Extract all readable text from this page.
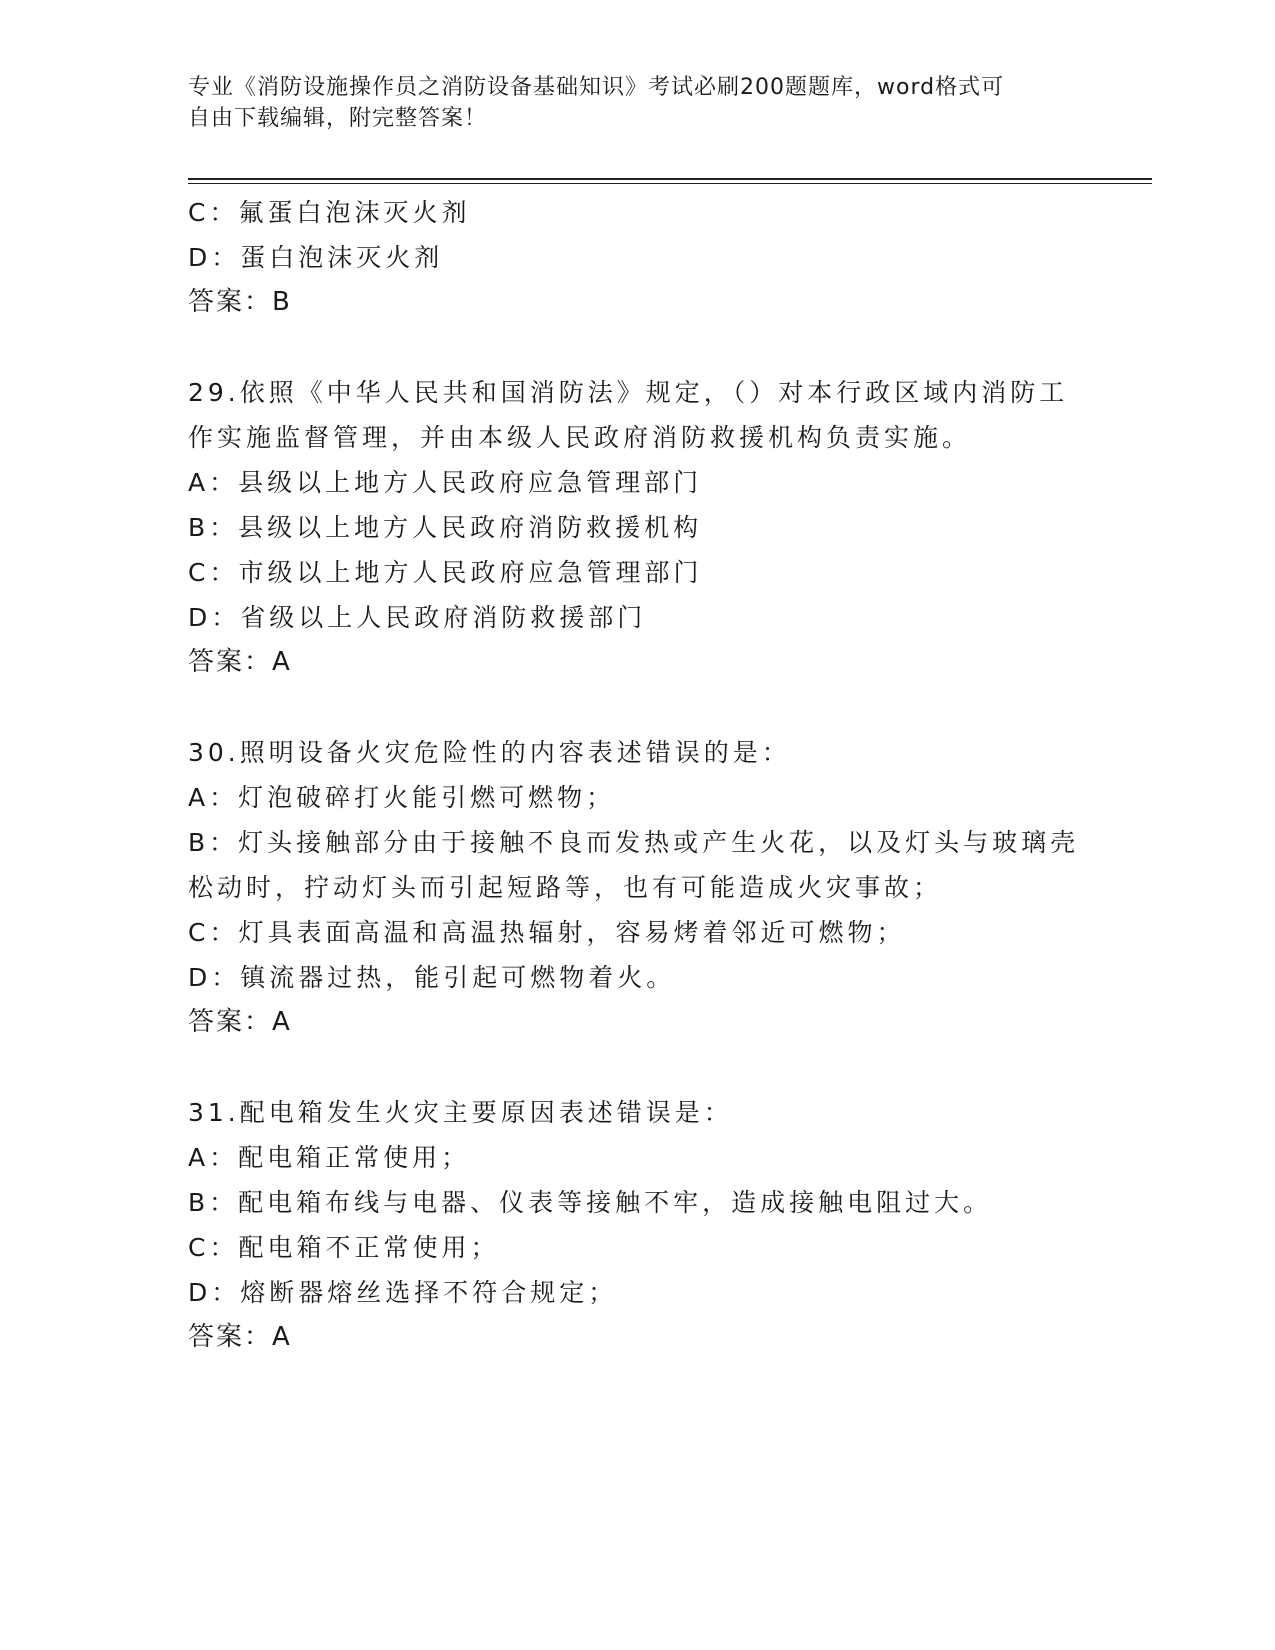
专业《消防设施操作员之消防设备基础知识》考试必刷200题题库，word格式可
自由下载编辑，附完整答案！
C：氟蛋白泡沫灭火剂
D：蛋白泡沫灭火剂
答案：B
29.依照《中华人民共和国消防法》规定，（）对本行政区域内消防工
作实施监督管理，并由本级人民政府消防救援机构负责实施。
A：县级以上地方人民政府应急管理部门
B：县级以上地方人民政府消防救援机构
C：市级以上地方人民政府应急管理部门
D：省级以上人民政府消防救援部门
答案：A
30.照明设备火灾危险性的内容表述错误的是：
A：灯泡破碎打火能引燃可燃物；
B：灯头接触部分由于接触不良而发热或产生火花，以及灯头与玻璃壳
松动时，拧动灯头而引起短路等，也有可能造成火灾事故；
C：灯具表面高温和高温热辐射，容易烤着邻近可燃物；
D：镇流器过热，能引起可燃物着火。
答案：A
31.配电箱发生火灾主要原因表述错误是：
A：配电箱正常使用；
B：配电箱布线与电器、仪表等接触不牢，造成接触电阻过大。
C：配电箱不正常使用；
D：熔断器熔丝选择不符合规定；
答案：A
